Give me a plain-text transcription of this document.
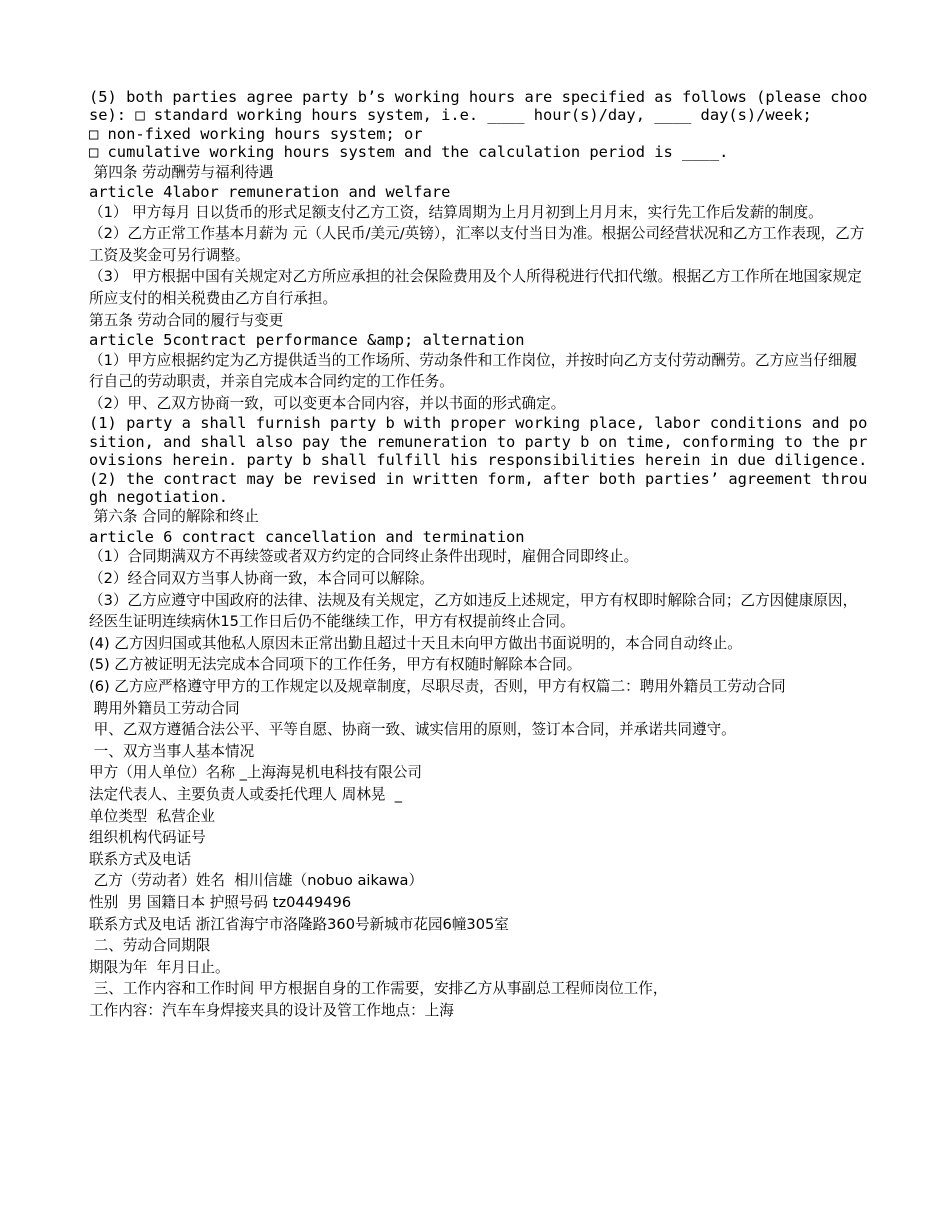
(5) both parties agree party b’s working hours are specified as follows (please choose): □ standard working hours system, i.e. ____ hour(s)/day, ____ day(s)/week;

□ non-fixed working hours system; or

□ cumulative working hours system and the calculation period is ____.

第四条 劳动酬劳与福利待遇

article 4labor remuneration and welfare

（1） 甲方每月 日以货币的形式足额支付乙方工资，结算周期为上月月初到上月月末，实行先工作后发薪的制度。

（2）乙方正常工作基本月薪为 元（人民币/美元/英镑），汇率以支付当日为准。根据公司经营状况和乙方工作表现，乙方工资及奖金可另行调整。

（3） 甲方根据中国有关规定对乙方所应承担的社会保险费用及个人所得税进行代扣代缴。根据乙方工作所在地国家规定所应支付的相关税费由乙方自行承担。

第五条 劳动合同的履行与变更

article 5contract performance &amp; alternation

（1）甲方应根据约定为乙方提供适当的工作场所、劳动条件和工作岗位，并按时向乙方支付劳动酬劳。乙方应当仔细履行自己的劳动职责，并亲自完成本合同约定的工作任务。

（2）甲、乙双方协商一致，可以变更本合同内容，并以书面的形式确定。

(1) party a shall furnish party b with proper working place, labor conditions and position, and shall also pay the remuneration to party b on time, conforming to the provisions herein. party b shall fulfill his responsibilities herein in due diligence.

(2) the contract may be revised in written form, after both parties’ agreement through negotiation.

第六条 合同的解除和终止

article 6 contract cancellation and termination

（1）合同期满双方不再续签或者双方约定的合同终止条件出现时，雇佣合同即终止。

（2）经合同双方当事人协商一致，本合同可以解除。

（3）乙方应遵守中国政府的法律、法规及有关规定，乙方如违反上述规定，甲方有权即时解除合同；乙方因健康原因，经医生证明连续病休15工作日后仍不能继续工作，甲方有权提前终止合同。

(4) 乙方因归国或其他私人原因未正常出勤且超过十天且未向甲方做出书面说明的，本合同自动终止。

(5) 乙方被证明无法完成本合同项下的工作任务，甲方有权随时解除本合同。

(6) 乙方应严格遵守甲方的工作规定以及规章制度，尽职尽责，否则，甲方有权篇二：聘用外籍员工劳动合同

聘用外籍员工劳动合同

甲、乙双方遵循合法公平、平等自愿、协商一致、诚实信用的原则，签订本合同，并承诺共同遵守。

一、双方当事人基本情况

甲方（用人单位）名称 _上海海晃机电科技有限公司

法定代表人、主要负责人或委托代理人 周林晃  _

单位类型  私营企业

组织机构代码证号

联系方式及电话

乙方（劳动者）姓名  相川信雄（nobuo aikawa）

性别  男 国籍日本 护照号码 tz0449496

联系方式及电话 浙江省海宁市洛隆路360号新城市花园6幢305室

二、劳动合同期限

期限为年  年月日止。

三、工作内容和工作时间 甲方根据自身的工作需要，安排乙方从事副总工程师岗位工作，

工作内容：汽车车身焊接夹具的设计及管工作地点：上海
